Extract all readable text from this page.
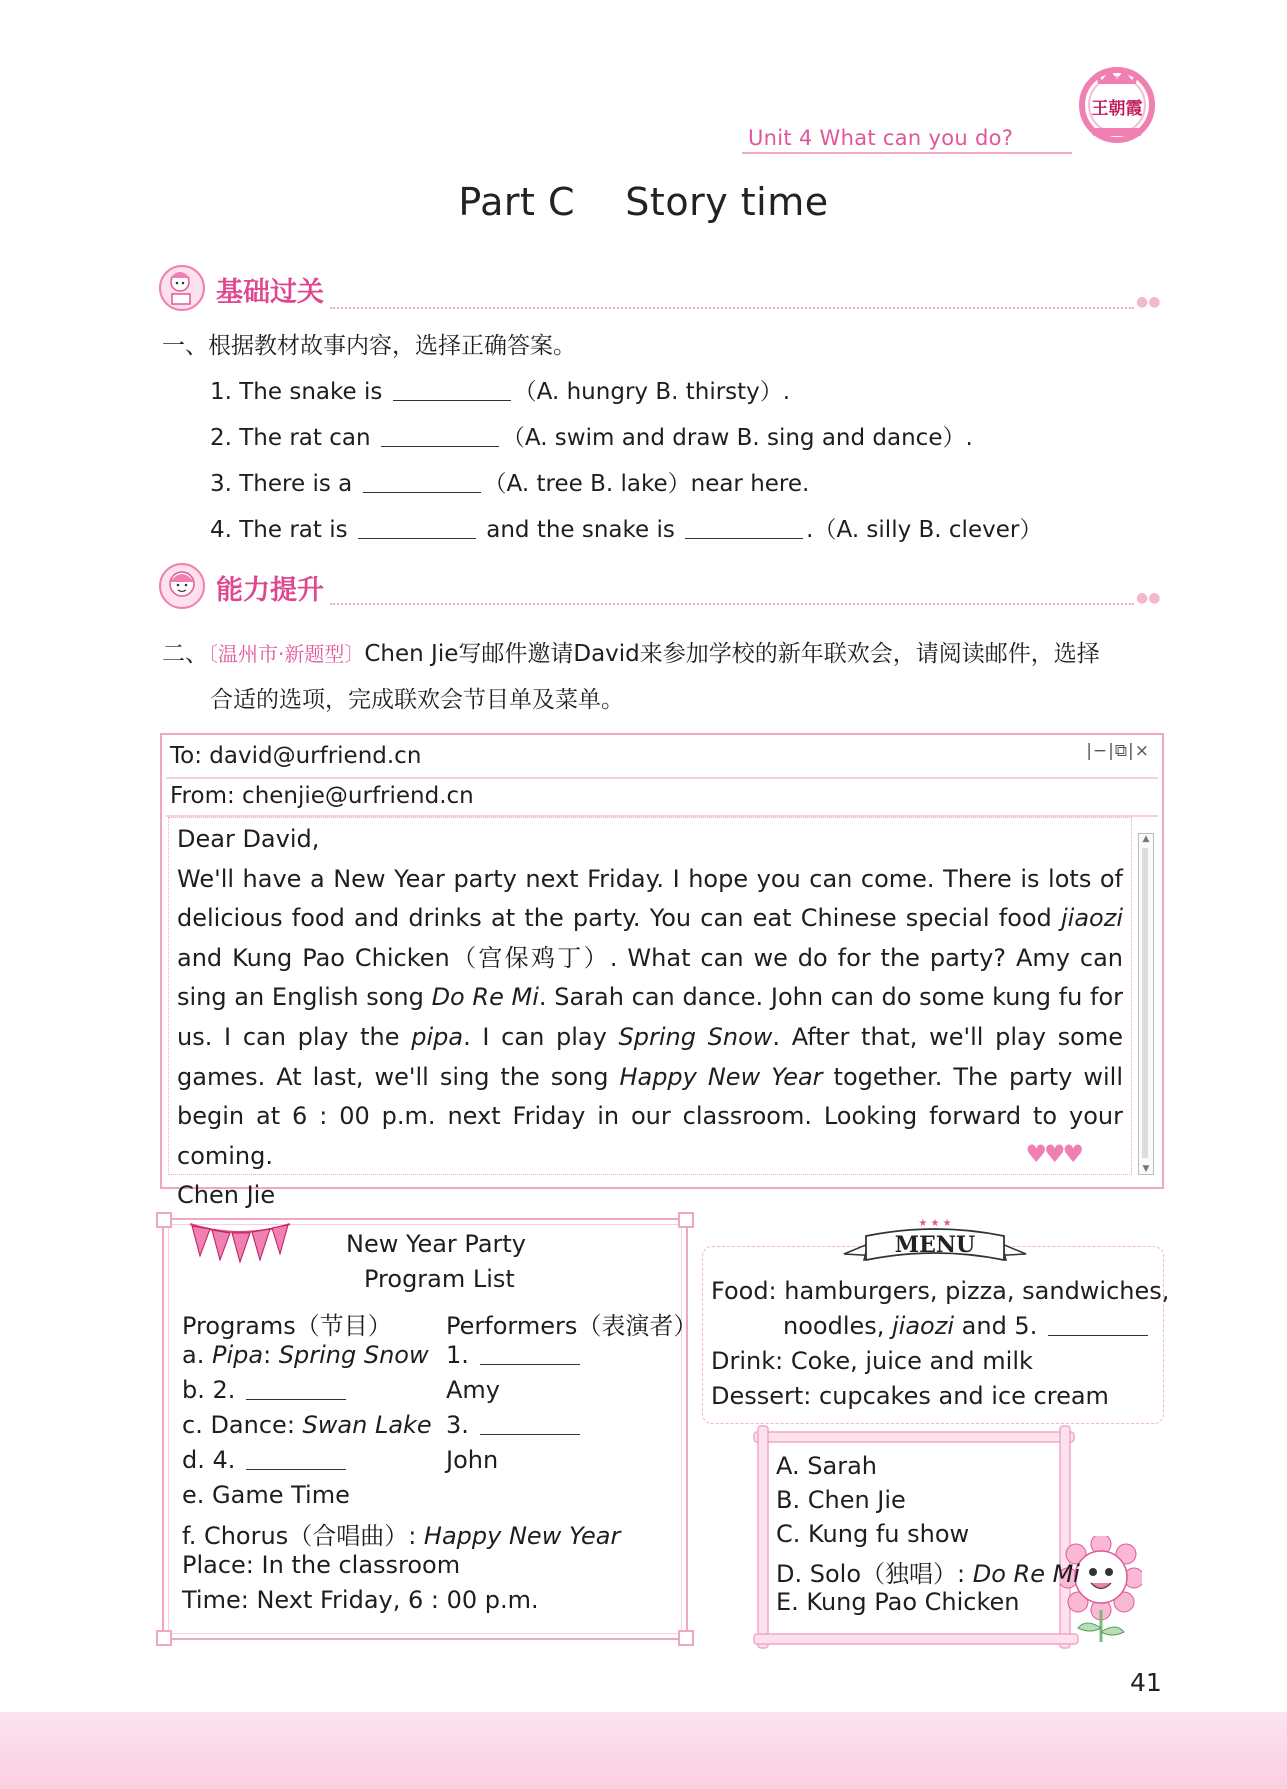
Unit 4 What can you do?
王朝霞
Part C    Story time
基础过关	●●
一、根据教材故事内容，选择正确答案。
1. The snake is	（A. hungry B. thirsty）.
2. The rat can	（A. swim and draw B. sing and dance）.
3. There is a	（A. tree B. lake）near here.
4. The rat is	and the snake is	.（A. silly B. clever）
能力提升	●●
二、〔温州市·新题型〕Chen Jie写邮件邀请David来参加学校的新年联欢会，请阅读邮件，选择
合适的选项，完成联欢会节目单及菜单。
To: david@urfriend.cn	|−|⧉|×
From: chenjie@urfriend.cn

Dear David,

We'll have a New Year party next Friday. I hope you can come. There is lots of delicious food and drinks at the party. You can eat Chinese special food jiaozi and Kung Pao Chicken（宫保鸡丁）. What can we do for the party? Amy can sing an English song Do Re Mi. Sarah can dance. John can do some kung fu for us. I can play the pipa. I can play Spring Snow. After that, we'll play some games. At last, we'll sing the song Happy New Year together. The party will begin at 6 : 00 p.m. next Friday in our classroom. Looking forward to your coming.

Chen Jie

♥♥♥
▲
▼
New Year Party
Program List
Programs（节目） Performers（表演者）
a. Pipa: Spring Snow 1.
b. 2.	Amy
c. Dance: Swan Lake 3.
d. 4.	John
e. Game Time
f. Chorus（合唱曲）: Happy New Year
Place: In the classroom
Time: Next Friday, 6 : 00 p.m.
Food: hamburgers, pizza, sandwiches,
noodles, jiaozi and 5.
Drink: Coke, juice and milk
Dessert: cupcakes and ice cream
★ ★ ★
MENU
A. Sarah
B. Chen Jie
C. Kung fu show
D. Solo（独唱）: Do Re Mi
E. Kung Pao Chicken
41
